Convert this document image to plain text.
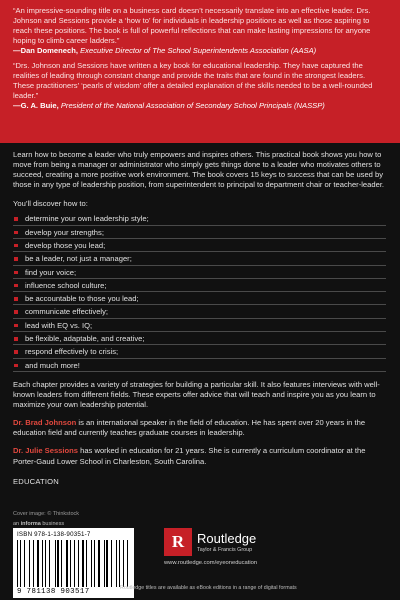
“An impressive-sounding title on a business card doesn’t necessarily translate into an effective leader. Drs. Johnson and Sessions provide a ‘how to’ for individuals in leadership positions as well as those aspiring to reach these positions. The book is full of powerful reflections that can make lasting impressions for anyone hoping to climb career ladders.”
—Dan Domenech, Executive Director of The School Superintendents Association (AASA)
“Drs. Johnson and Sessions have written a key book for educational leadership. They have captured the realities of leading through constant change and provide the traits that are found in the strongest leaders. These practitioners’ ‘pearls of wisdom’ offer a detailed explanation of the skills needed to be a well-rounded leader.”
—G. A. Buie, President of the National Association of Secondary School Principals (NASSP)

Learn how to become a leader who truly empowers and inspires others. This practical book shows you how to move from being a manager or administrator who simply gets things done to a leader who motivates others to succeed, creating a more positive work environment. The book covers 15 keys to success that can be used by those in any type of leadership position, from superintendent to principal to department chair or teacher-leader.

You’ll discover how to:

determine your own leadership style;
develop your strengths;
develop those you lead;
be a leader, not just a manager;
find your voice;
influence school culture;
be accountable to those you lead;
communicate effectively;
lead with EQ vs. IQ;
be flexible, adaptable, and creative;
respond effectively to crisis;
and much more!

Each chapter provides a variety of strategies for building a particular skill. It also features interviews with well-known leaders from different fields. These experts offer advice that will teach and inspire you as you learn to maximize your own leadership potential.

Dr. Brad Johnson is an international speaker in the field of education. He has spent over 20 years in the education field and currently teaches graduate courses in leadership.

Dr. Julie Sessions has worked in education for 21 years. She is currently a curriculum coordinator at the Porter-Gaud Lower School in Charleston, South Carolina.

EDUCATION

Cover image: © Thinkstock
an informa business
ISBN 978-1-138-90351-7
9 781138 903517
R Routledge
Taylor & Francis Group
www.routledge.com/eyeoneducation
Routledge titles are available as eBook editions in a range of digital formats
